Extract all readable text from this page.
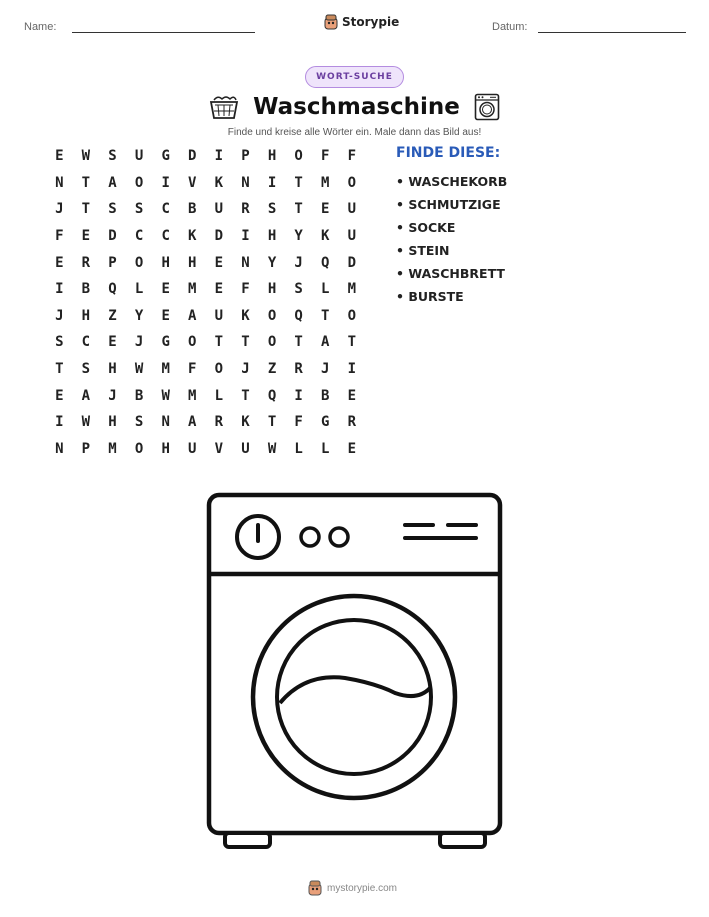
Name:	Storypie	Datum:
WORT-SUCHE
Waschmaschine
Finde und kreise alle Wörter ein. Male dann das Bild aus!
E	W	S	U	G	D	I	P	H	O	F	F
N	T	A	O	I	V	K	N	I	T	M	O
J	T	S	S	C	B	U	R	S	T	E	U
F	E	D	C	C	K	D	I	H	Y	K	U
E	R	P	O	H	H	E	N	Y	J	Q	D
I	B	Q	L	E	M	E	F	H	S	L	M
J	H	Z	Y	E	A	U	K	O	Q	T	O
S	C	E	J	G	O	T	T	O	T	A	T
T	S	H	W	M	F	O	J	Z	R	J	I
E	A	J	B	W	M	L	T	Q	I	B	E
I	W	H	S	N	A	R	K	T	F	G	R
N	P	M	O	H	U	V	U	W	L	L	E
FINDE DIESE:
• WASCHEKORB
• SCHMUTZIGE
• SOCKE
• STEIN
• WASCHBRETT
• BURSTE
mystorypie.com
